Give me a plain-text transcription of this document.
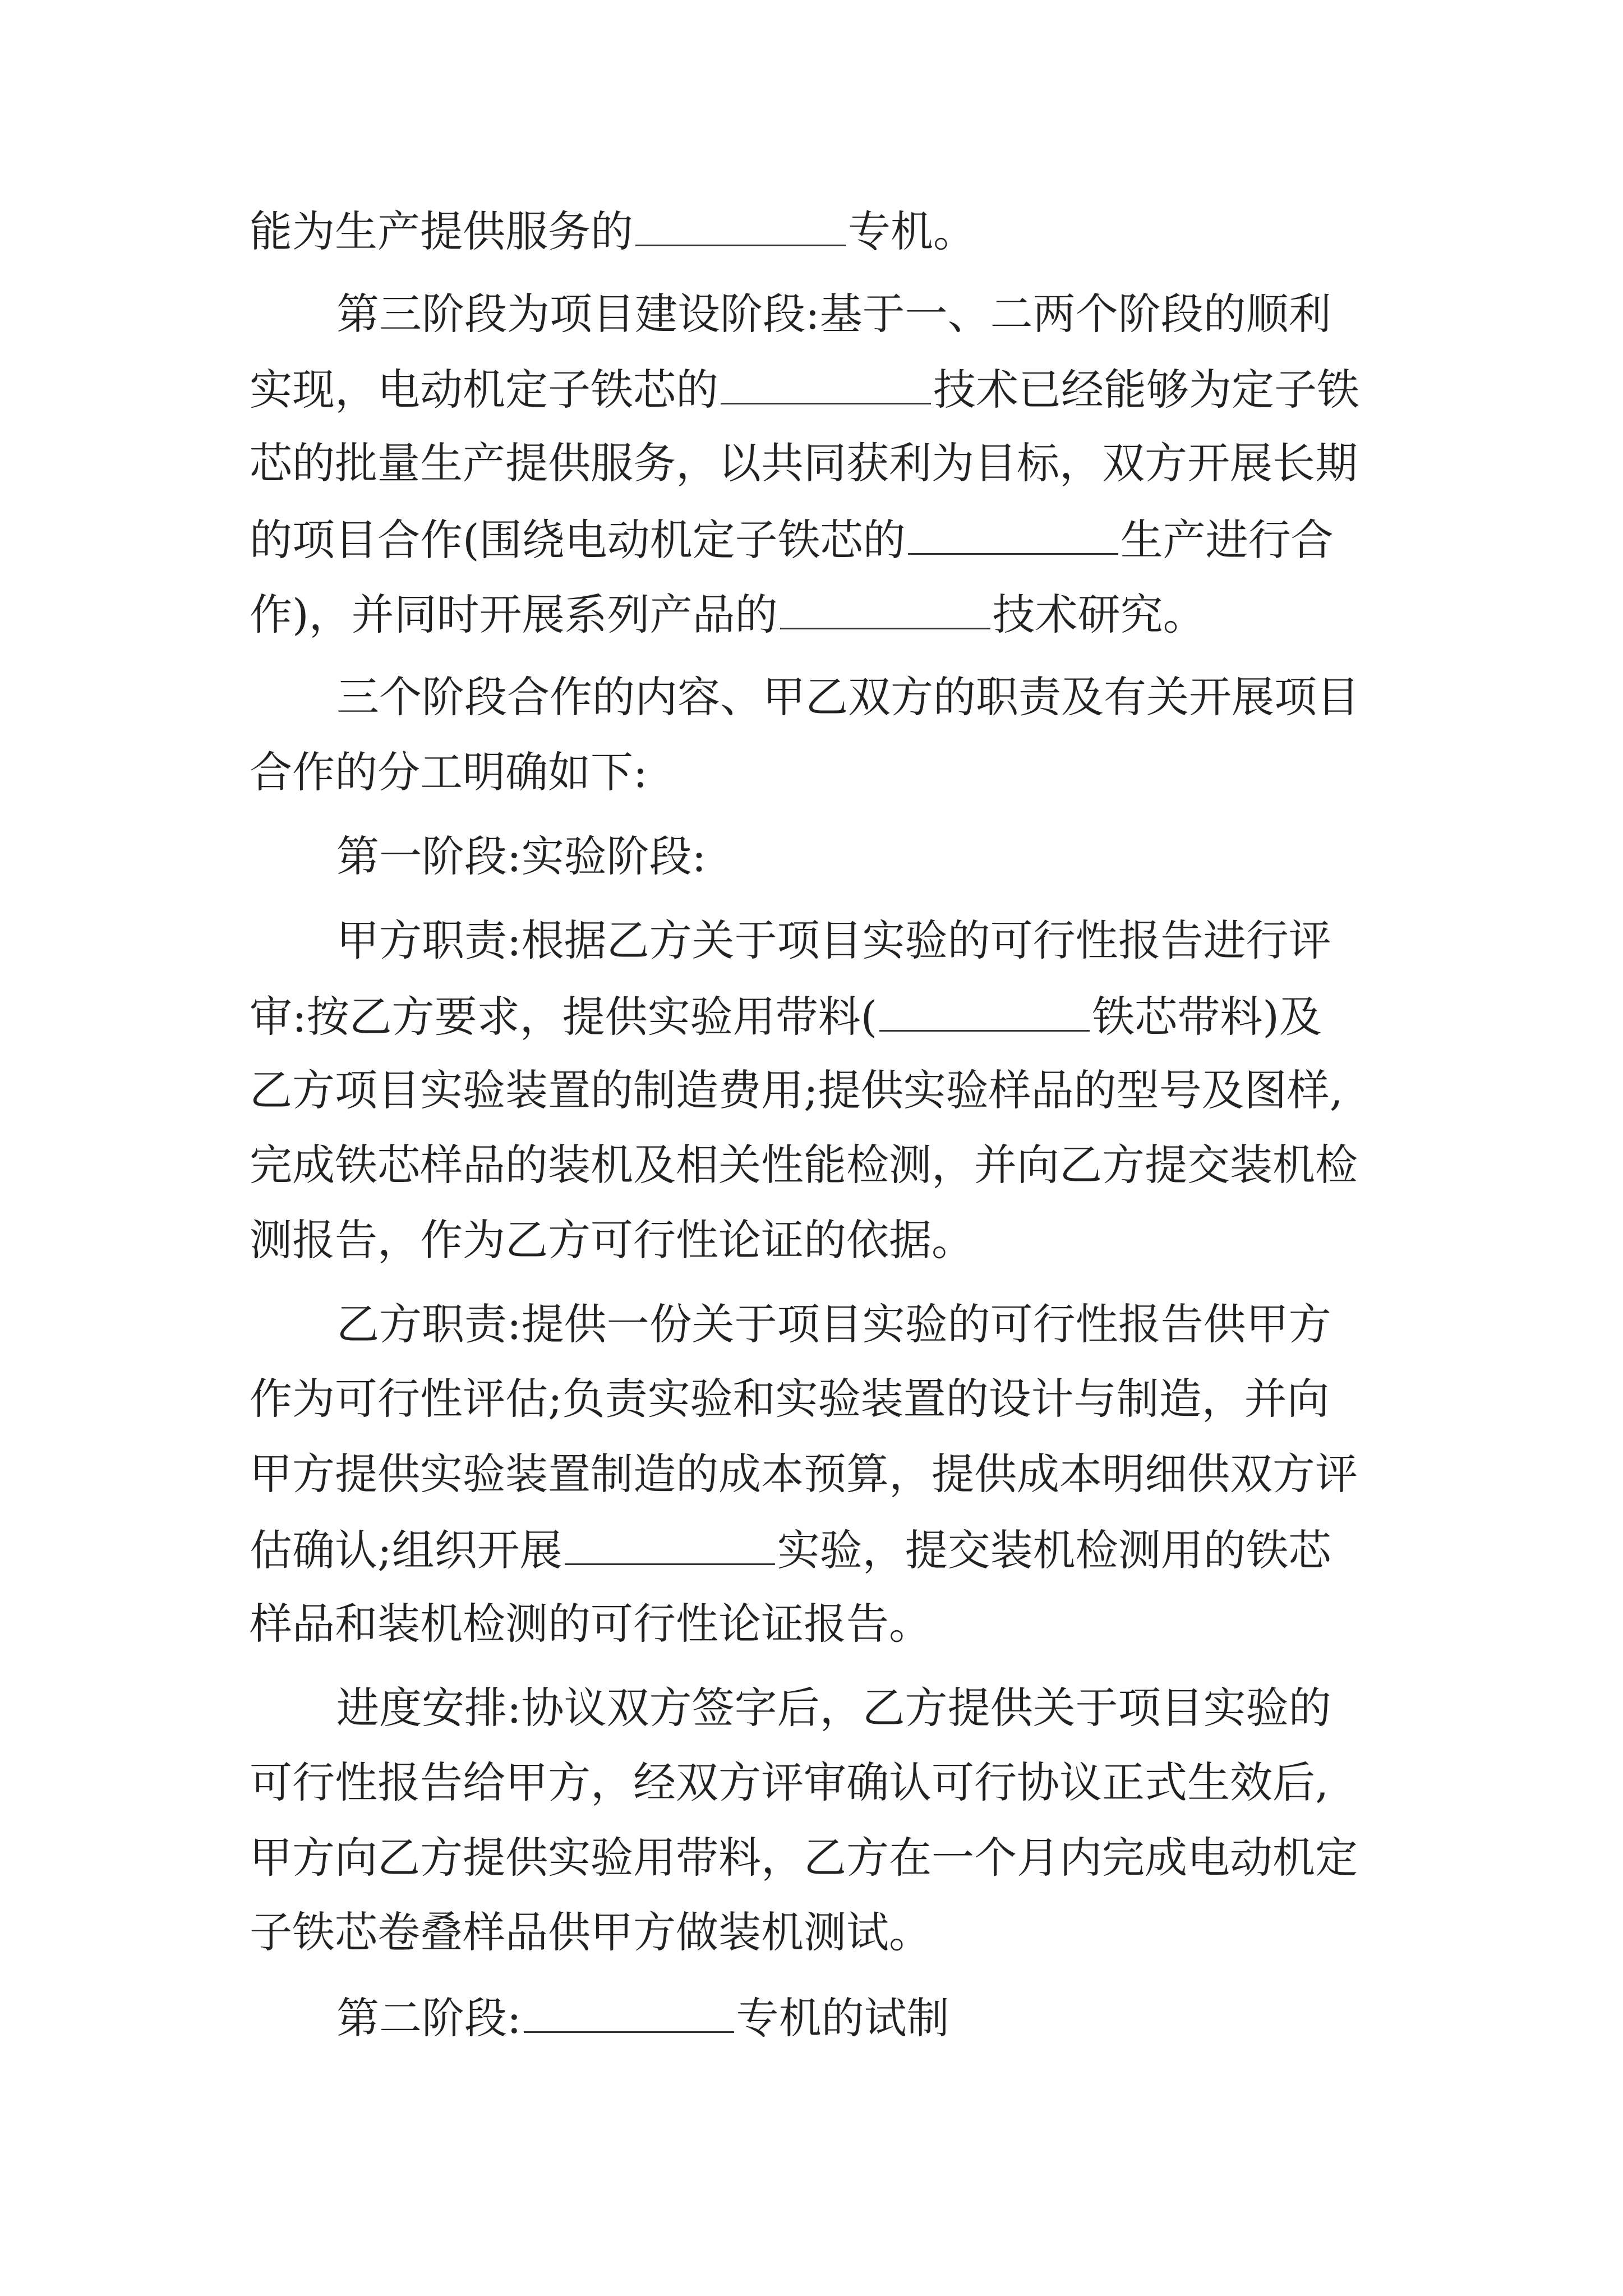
能为生产提供服务的	专机。

第三阶段为项目建设阶段:基于一、二两个阶段的顺利

实现，电动机定子铁芯的	技术已经能够为定子铁

芯的批量生产提供服务，以共同获利为目标，双方开展长期

的项目合作(围绕电动机定子铁芯的	生产进行合

作)，并同时开展系列产品的	技术研究。

三个阶段合作的内容、甲乙双方的职责及有关开展项目

合作的分工明确如下:

第一阶段:实验阶段:

甲方职责:根据乙方关于项目实验的可行性报告进行评

审:按乙方要求，提供实验用带料(	铁芯带料)及

乙方项目实验装置的制造费用;提供实验样品的型号及图样,

完成铁芯样品的装机及相关性能检测，并向乙方提交装机检

测报告，作为乙方可行性论证的依据。

乙方职责:提供一份关于项目实验的可行性报告供甲方

作为可行性评估;负责实验和实验装置的设计与制造，并向

甲方提供实验装置制造的成本预算，提供成本明细供双方评

估确认;组织开展	实验，提交装机检测用的铁芯

样品和装机检测的可行性论证报告。

进度安排:协议双方签字后，乙方提供关于项目实验的

可行性报告给甲方，经双方评审确认可行协议正式生效后,

甲方向乙方提供实验用带料，乙方在一个月内完成电动机定

子铁芯卷叠样品供甲方做装机测试。

第二阶段:	专机的试制
